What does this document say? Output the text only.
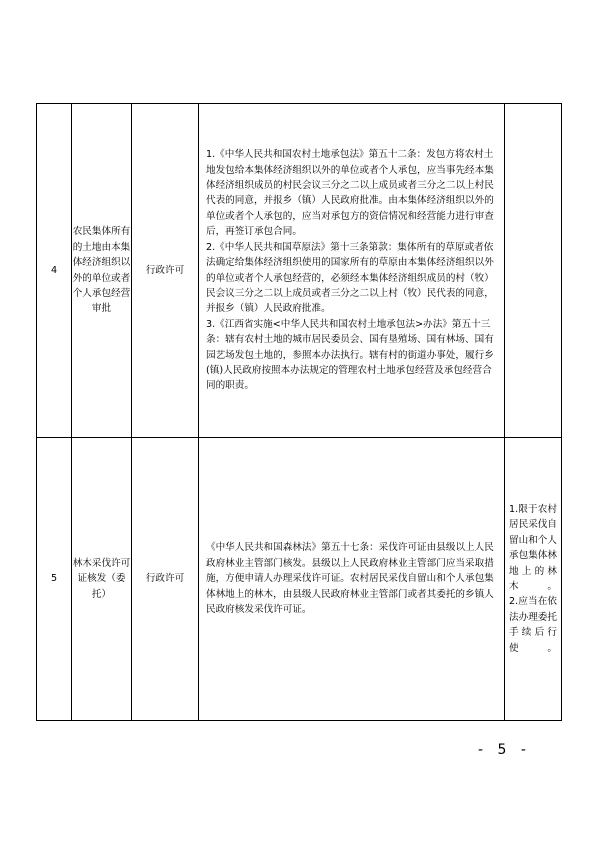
4	农民集体所有的土地由本集体经济组织以外的单位或者个人承包经营审批	行政许可	1.《中华人民共和国农村土地承包法》第五十二条：发包方将农村土地发包给本集体经济组织以外的单位或者个人承包，应当事先经本集体经济组织成员的村民会议三分之二以上成员或者三分之二以上村民代表的同意，并报乡（镇）人民政府批准。由本集体经济组织以外的单位或者个人承包的，应当对承包方的资信情况和经营能力进行审查后，再签订承包合同。

2.《中华人民共和国草原法》第十三条第款：集体所有的草原或者依法确定给集体经济组织使用的国家所有的草原由本集体经济组织以外的单位或者个人承包经营的，必须经本集体经济组织成员的村（牧）民会议三分之二以上成员或者三分之二以上村（牧）民代表的同意，并报乡（镇）人民政府批准。

3.《江西省实施<中华人民共和国农村土地承包法>办法》第五十三条：辖有农村土地的城市居民委员会、国有垦殖场、国有林场、国有园艺场发包土地的，参照本办法执行。辖有村的街道办事处，履行乡(镇)人民政府按照本办法规定的管理农村土地承包经营及承包经营合同的职责。	

5	林木采伐许可证核发（委托）	行政许可	《中华人民共和国森林法》第五十七条：采伐许可证由县级以上人民政府林业主管部门核发。县级以上人民政府林业主管部门应当采取措施，方便申请人办理采伐许可证。农村居民采伐自留山和个人承包集体林地上的林木，由县级人民政府林业主管部门或者其委托的乡镇人民政府核发采伐许可证。	1.限于农村居民采伐自留山和个人承包集体林地上的林木。

2.应当在依法办理委托手续后行使。

- 5 -
